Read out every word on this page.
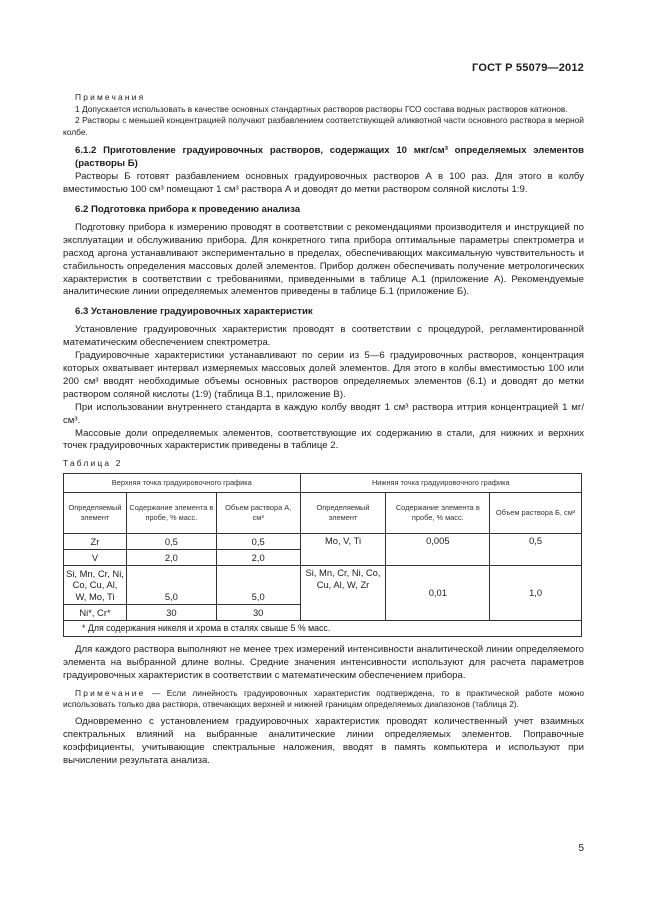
ГОСТ Р 55079—2012

Примечания

1 Допускается использовать в качестве основных стандартных растворов растворы ГСО состава водных растворов катионов.

2 Растворы с меньшей концентрацией получают разбавлением соответствующей аликвотной части основного раствора в мерной колбе.

6.1.2 Приготовление градуировочных растворов, содержащих 10 мкг/см³ определяемых элементов (растворы Б)

Растворы Б готовят разбавлением основных градуировочных растворов А в 100 раз. Для этого в колбу вместимостью 100 см³ помещают 1 см³ раствора А и доводят до метки раствором соляной кислоты 1:9.

6.2 Подготовка прибора к проведению анализа

Подготовку прибора к измерению проводят в соответствии с рекомендациями производителя и инструкцией по эксплуатации и обслуживанию прибора. Для конкретного типа прибора оптимальные параметры спектрометра и расход аргона устанавливают экспериментально в пределах, обеспечивающих максимальную чувствительность и стабильность определения массовых долей элементов. Прибор должен обеспечивать получение метрологических характеристик в соответствии с требованиями, приведенными в таблице А.1 (приложение А). Рекомендуемые аналитические линии определяемых элементов приведены в таблице Б.1 (приложение Б).

6.3 Установление градуировочных характеристик

Установление градуировочных характеристик проводят в соответствии с процедурой, регламентированной математическим обеспечением спектрометра.

Градуировочные характеристики устанавливают по серии из 5—6 градуировочных растворов, концентрация которых охватывает интервал измеряемых массовых долей элементов. Для этого в колбы вместимостью 100 или 200 см³ вводят необходимые объемы основных растворов определяемых элементов (6.1) и доводят до метки раствором соляной кислоты (1:9) (таблица В.1, приложение В).

При использовании внутреннего стандарта в каждую колбу вводят 1 см³ раствора иттрия концентрацией 1 мг/см³.

Массовые доли определяемых элементов, соответствующие их содержанию в стали, для нижних и верхних точек градуировочных характеристик приведены в таблице 2.

Таблица 2

Верхняя точка градуировочного графика			Нижняя точка градуировочного графика		
Определяемый элемент	Содержание элемента в пробе, % масс.	Объем раствора А, см³	Определяемый элемент	Содержание элемента в пробе, % масс.	Объем раствора Б, см³
Zr	0,5	0,5	Mo, V, Ti	0,005	0,5
V	2,0	2,0			
Si, Mn, Cr, Ni, Co, Cu, Al, W, Mo, Ti	5,0	5,0	Si, Mn, Cr, Ni, Co, Cu, Al, W, Zr	0,01	1,0
Ni*, Cr*	30	30			
* Для содержания никеля и хрома в сталях свыше 5 % масс.					

Для каждого раствора выполняют не менее трех измерений интенсивности аналитической линии определяемого элемента на выбранной длине волны. Средние значения интенсивности используют для расчета параметров градуировочных характеристик в соответствии с математическим обеспечением прибора.

Примечание — Если линейность градуировочных характеристик подтверждена, то в практической работе можно использовать только два раствора, отвечающих верхней и нижней границам определяемых диапазонов (таблица 2).

Одновременно с установлением градуировочных характеристик проводят количественный учет взаимных спектральных влияний на выбранные аналитические линии определяемых элементов. Поправочные коэффициенты, учитывающие спектральные наложения, вводят в память компьютера и используют при вычислении результата анализа.

5
